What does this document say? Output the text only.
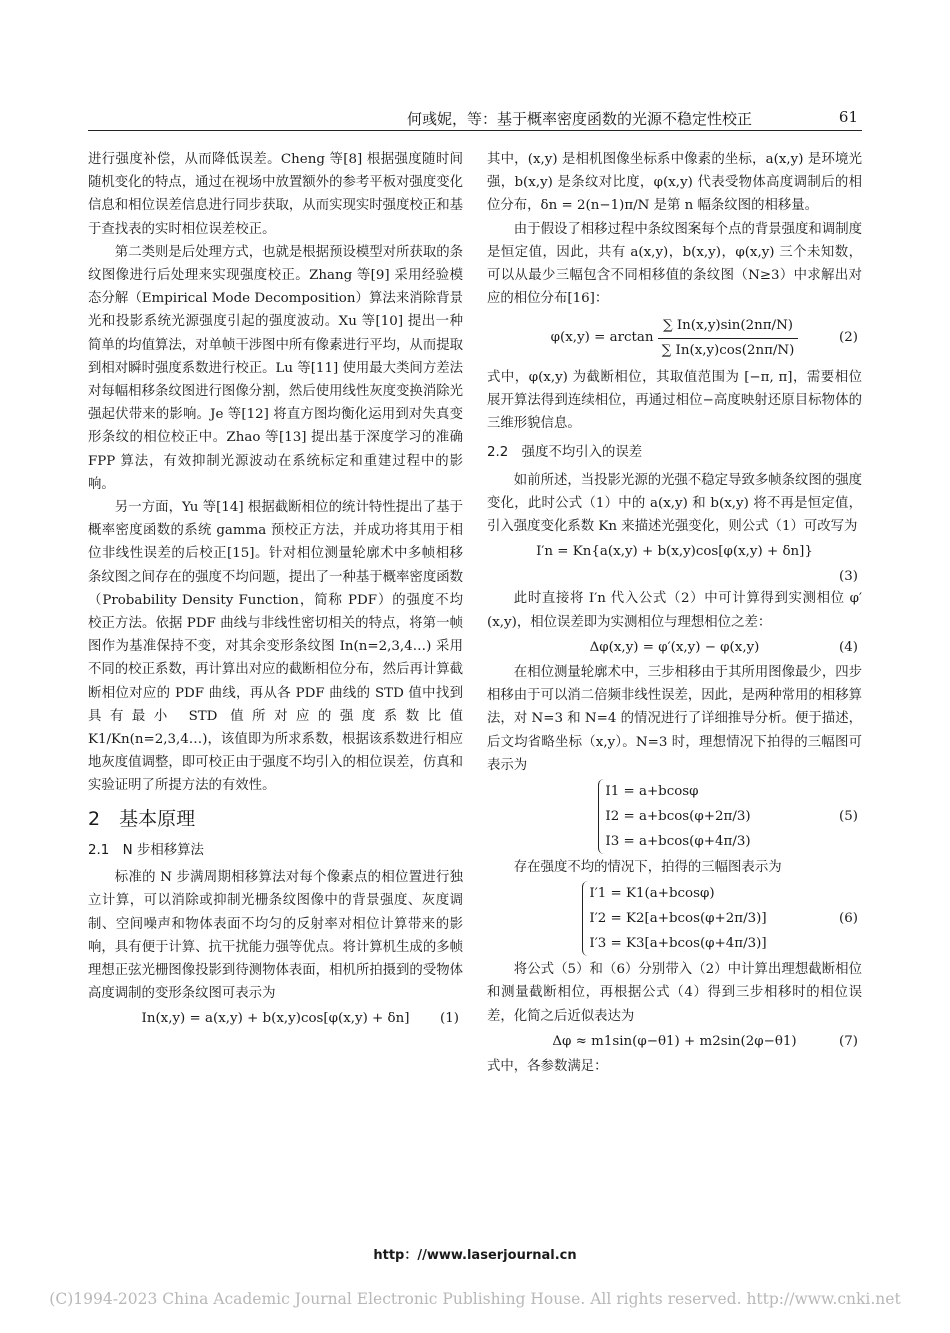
何彧妮，等：基于概率密度函数的光源不稳定性校正	61

进行强度补偿，从而降低误差。Cheng 等[8] 根据强度随时间随机变化的特点，通过在视场中放置额外的参考平板对强度变化信息和相位误差信息进行同步获取，从而实现实时强度校正和基于查找表的实时相位误差校正。

第二类则是后处理方式，也就是根据预设模型对所获取的条纹图像进行后处理来实现强度校正。Zhang 等[9] 采用经验模态分解（Empirical Mode Decomposition）算法来消除背景光和投影系统光源强度引起的强度波动。Xu 等[10] 提出一种简单的均值算法，对单帧干涉图中所有像素进行平均，从而提取到相对瞬时强度系数进行校正。Lu 等[11] 使用最大类间方差法对每幅相移条纹图进行图像分割，然后使用线性灰度变换消除光强起伏带来的影响。Je 等[12] 将直方图均衡化运用到对失真变形条纹的相位校正中。Zhao 等[13] 提出基于深度学习的准确 FPP 算法，有效抑制光源波动在系统标定和重建过程中的影响。

另一方面，Yu 等[14] 根据截断相位的统计特性提出了基于概率密度函数的系统 gamma 预校正方法，并成功将其用于相位非线性误差的后校正[15]。针对相位测量轮廓术中多帧相移条纹图之间存在的强度不均问题，提出了一种基于概率密度函数（Probability Density Function，简称 PDF）的强度不均校正方法。依据 PDF 曲线与非线性密切相关的特点，将第一帧图作为基准保持不变，对其余变形条纹图 In(n=2,3,4…) 采用不同的校正系数，再计算出对应的截断相位分布，然后再计算截断相位对应的 PDF 曲线，再从各 PDF 曲线的 STD 值中找到具有最小 STD 值所对应的强度系数比值 K1/Kn(n=2,3,4…)，该值即为所求系数，根据该系数进行相应地灰度值调整，即可校正由于强度不均引入的相位误差，仿真和实验证明了所提方法的有效性。

2　基本原理
2.1　N 步相移算法

标准的 N 步满周期相移算法对每个像素点的相位置进行独立计算，可以消除或抑制光栅条纹图像中的背景强度、灰度调制、空间噪声和物体表面不均匀的反射率对相位计算带来的影响，具有便于计算、抗干扰能力强等优点。将计算机生成的多帧理想正弦光栅图像投影到待测物体表面，相机所拍摄到的受物体高度调制的变形条纹图可表示为

In(x,y) = a(x,y) + b(x,y)cos[φ(x,y) + δn] (1)

其中，(x,y) 是相机图像坐标系中像素的坐标，a(x,y) 是环境光强，b(x,y) 是条纹对比度，φ(x,y) 代表受物体高度调制后的相位分布，δn = 2(n−1)π/N 是第 n 幅条纹图的相移量。

由于假设了相移过程中条纹图案每个点的背景强度和调制度是恒定值，因此，共有 a(x,y)，b(x,y)，φ(x,y) 三个未知数，可以从最少三幅包含不同相移值的条纹图（N≥3）中求解出对应的相位分布[16]：

$\varphi(x,y) = \arctan \frac{\sum In(x,y)\sin(2n\pi/N)}{\sum In(x,y)\cos(2n\pi/N)}$	(2)

式中，φ(x,y) 为截断相位，其取值范围为 [−π, π]，需要相位展开算法得到连续相位，再通过相位−高度映射还原目标物体的三维形貌信息。

2.2　强度不均引入的误差

如前所述，当投影光源的光强不稳定导致多帧条纹图的强度变化，此时公式（1）中的 a(x,y) 和 b(x,y) 将不再是恒定值，引入强度变化系数 Kn 来描述光强变化，则公式（1）可改写为

I′n = Kn{a(x,y) + b(x,y)cos[φ(x,y) + δn]}
(3)

此时直接将 I′n 代入公式（2）中可计算得到实测相位 φ′(x,y)，相位误差即为实测相位与理想相位之差：

Δφ(x,y) = φ′(x,y) − φ(x,y)	(4)

在相位测量轮廓术中，三步相移由于其所用图像最少，四步相移由于可以消二倍频非线性误差，因此，是两种常用的相移算法，对 N=3 和 N=4 的情况进行了详细推导分析。便于描述，后文均省略坐标（x,y）。N=3 时，理想情况下拍得的三幅图可表示为

I1 = a+bcosφ
I2 = a+bcos(φ+2π/3)
I3 = a+bcos(φ+4π/3)
(5)

存在强度不均的情况下，拍得的三幅图表示为

I′1 = K1(a+bcosφ)
I′2 = K2[a+bcos(φ+2π/3)]
I′3 = K3[a+bcos(φ+4π/3)]
(6)

将公式（5）和（6）分别带入（2）中计算出理想截断相位和测量截断相位，再根据公式（4）得到三步相移时的相位误差，化简之后近似表达为

Δφ ≈ m1sin(φ−θ1) + m2sin(2φ−θ1)	(7)

式中，各参数满足：

http：//www.laserjournal.cn
(C)1994-2023 China Academic Journal Electronic Publishing House. All rights reserved. http://www.cnki.net
